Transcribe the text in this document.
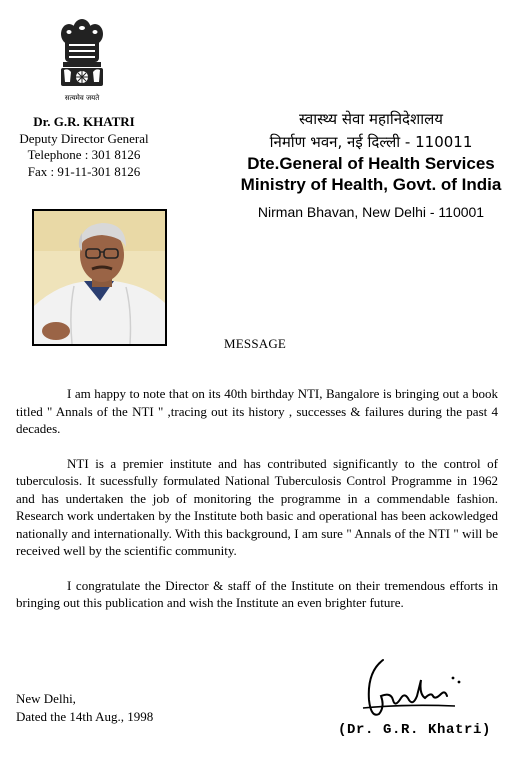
सत्यमेव जयते
Dr. G.R. KHATRI
Deputy Director General
Telephone : 301 8126
Fax : 91-11-301 8126
स्वास्थ्य सेवा महानिदेशालय
निर्माण भवन, नई दिल्ली - 110011
Dte.General of Health Services
Ministry of Health, Govt. of India
Nirman Bhavan, New Delhi - 110001
MESSAGE

I am happy to note that on its 40th birthday NTI, Bangalore is bringing out a book titled " Annals of the NTI " ,tracing out its history , successes & failures during the past 4 decades.

NTI is a premier institute and has contributed significantly to the control of tuberculosis. It sucessfully formulated National Tuberculosis Control Programme in 1962 and has undertaken the job of monitoring the programme in a commendable fashion. Research work undertaken by the Institute both basic and operational has been ackowledged nationally and internationally. With this background, I am sure " Annals of the NTI " will be received well by the scientific community.

I congratulate the Director & staff of the Institute on their tremendous efforts in bringing out this publication and wish the Institute an even brighter future.

New Delhi,
Dated the 14th Aug., 1998
(Dr. G.R. Khatri)
